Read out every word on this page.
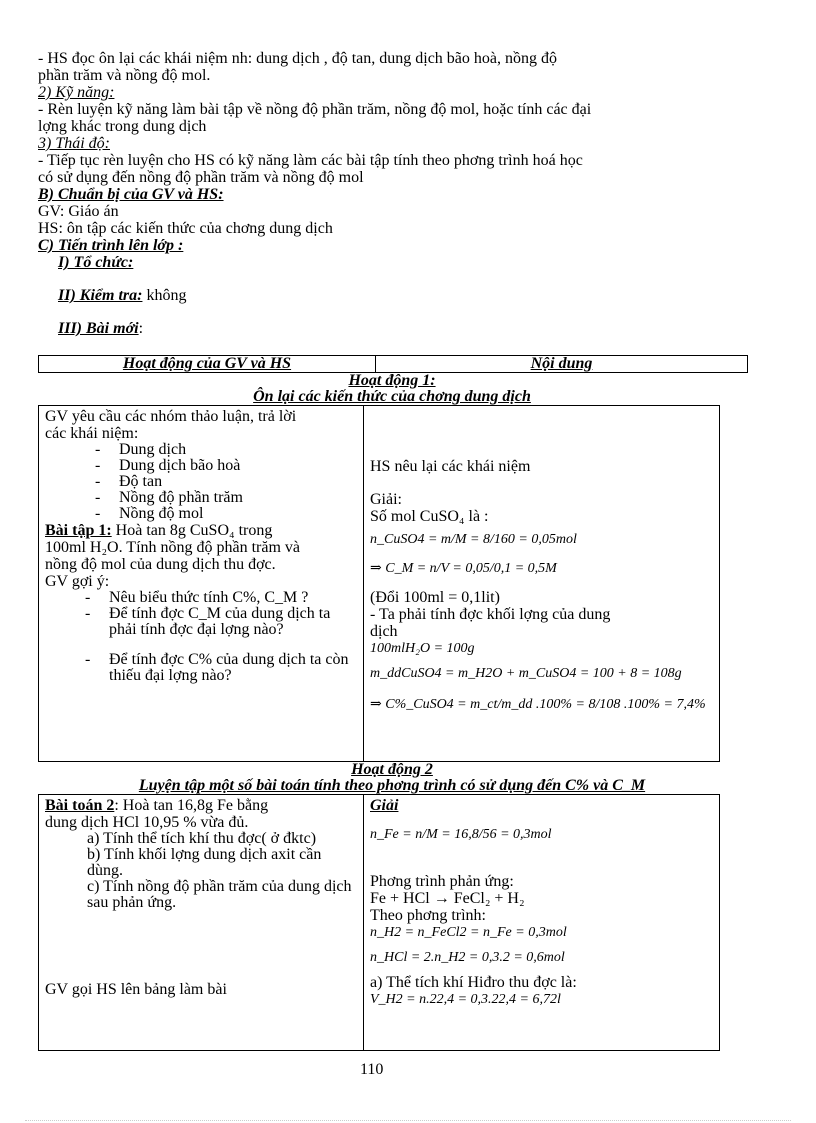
- HS đọc ôn lại các khái niệm nh: dung dịch , độ tan, dung dịch bão hoà, nồng độ

phần trăm và nồng độ mol.

2) Kỹ năng:

- Rèn luyện kỹ năng làm bài tập về nồng độ phần trăm, nồng độ mol, hoặc tính các đại

lợng khác trong dung dịch

3) Thái độ:

- Tiếp tục rèn luyện cho HS có kỹ năng làm các bài tập tính theo phơng trình hoá học

có sử dụng đến nồng độ phần trăm và nồng độ mol

B) Chuẩn bị của GV và HS:

GV: Giáo án

HS: ôn tập các kiến thức của chơng dung dịch

C) Tiến trình lên lớp :

I) Tổ chức:

II) Kiểm tra: không

III) Bài mới:

Hoạt động của GV và HS	Nội dung
Hoạt động 1:
Ôn lại các kiến thức của chơng dung dịch

GV yêu cầu các nhóm thảo luận, trả lời

các khái niệm:

- Dung dịch
- Dung dịch bão hoà
- Độ tan
- Nồng độ phần trăm
- Nồng độ mol

Bài tập 1: Hoà tan 8g CuSO₄ trong

100ml H₂O. Tính nồng độ phần trăm và

nồng độ mol của dung dịch thu đợc.

GV gợi ý:

- Nêu biểu thức tính C%, C_M ?
- Để tính đợc C_M của dung dịch ta phải tính đợc đại lợng nào?
- Để tính đợc C% của dung dịch ta còn thiếu đại lợng nào?

HS nêu lại các khái niệm

Giải:

Số mol CuSO₄ là :

n_CuSO4 = m/M = 8/160 = 0,05mol

⇒ C_M = n/V = 0,05/0,1 = 0,5M

(Đổi 100ml = 0,1lit)

- Ta phải tính đợc khối lợng của dung

dịch

100mlH₂O = 100g

m_ddCuSO4 = m_H2O + m_CuSO4 = 100 + 8 = 108g

⇒ C%_CuSO4 = m_ct/m_dd .100% = 8/108 .100% = 7,4%

Hoạt động 2
Luyện tập một số bài toán tính theo phơng trình có sử dụng đến C% và C_M

Bài toán 2: Hoà tan 16,8g Fe bằng

dung dịch HCl 10,95 % vừa đủ.

a) Tính thể tích khí thu đợc( ở đktc)
b) Tính khối lợng dung dịch axit cần dùng.
c) Tính nồng độ phần trăm của dung dịch sau phản ứng.

GV gọi HS lên bảng làm bài

Giải

n_Fe = n/M = 16,8/56 = 0,3mol

Phơng trình phản ứng:

Fe + HCl → FeCl₂ + H₂

Theo phơng trình:

n_H2 = n_FeCl2 = n_Fe = 0,3mol

n_HCl = 2.n_H2 = 0,3.2 = 0,6mol

a) Thể tích khí Hiđro thu đợc là:

V_H2 = n.22,4 = 0,3.22,4 = 6,72l

110
